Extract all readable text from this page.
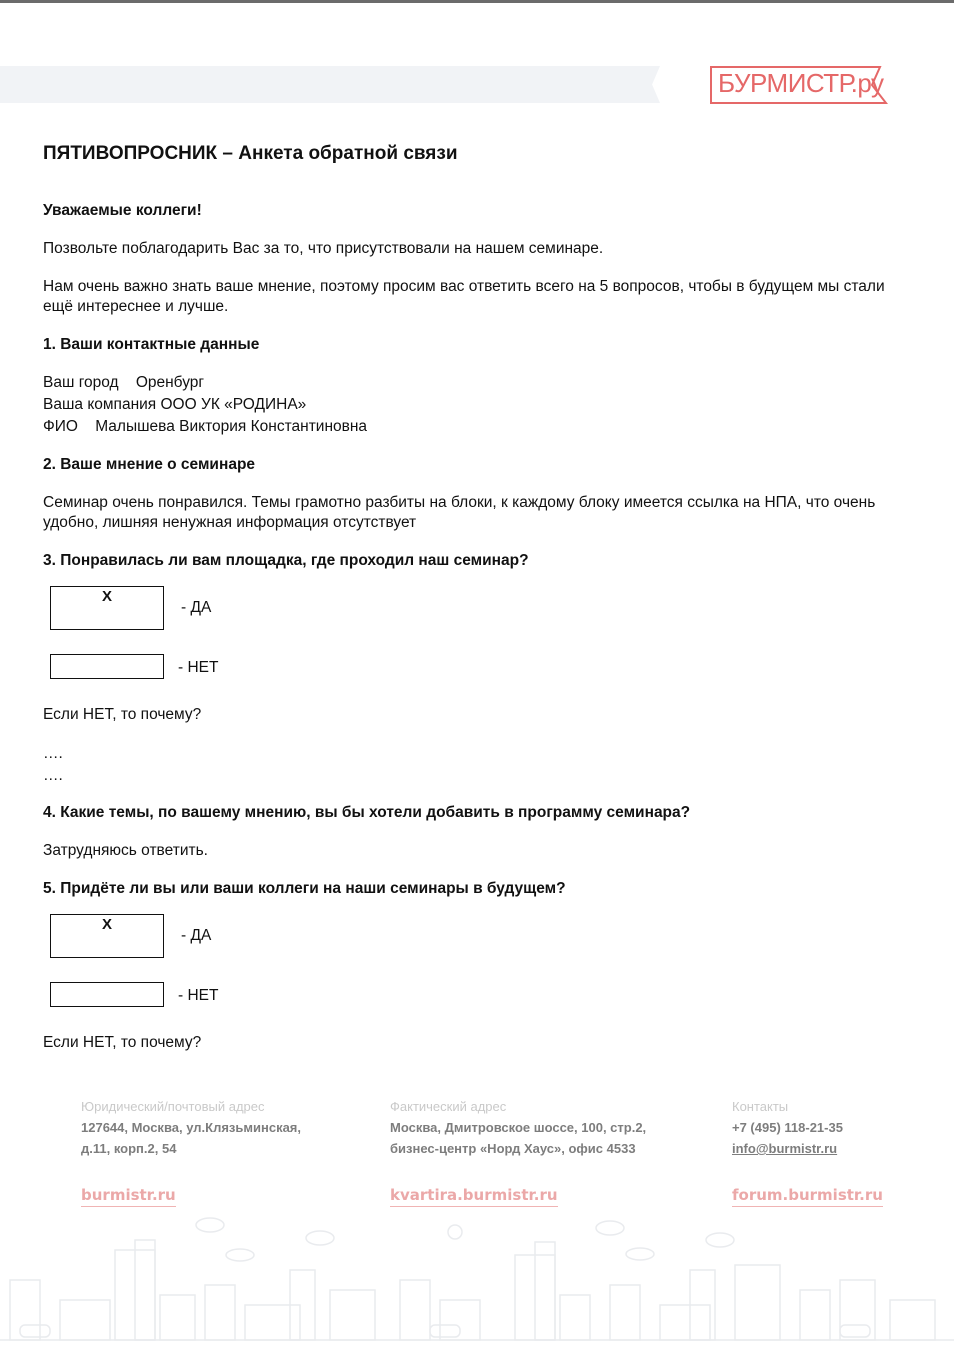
БУРМИСТР.ру
ПЯТИВОПРОСНИК – Анкета обратной связи
Уважаемые коллеги!
Позвольте поблагодарить Вас за то, что присутствовали на нашем семинаре.
Нам очень важно знать ваше мнение, поэтому просим вас ответить всего на 5 вопросов, чтобы в будущем мы стали ещё интереснее и лучше.
1. Ваши контактные данные
Ваш город Оренбург
Ваша компания ООО УК «РОДИНА»
ФИО Малышева Виктория Константиновна
2. Ваше мнение о семинаре
Семинар очень понравился. Темы грамотно разбиты на блоки, к каждому блоку имеется ссылка на НПА, что очень удобно, лишняя ненужная информация отсутствует
3. Понравилась ли вам площадка, где проходил наш семинар?
X
- ДА
- НЕТ
Если НЕТ, то почему?
….
….
4. Какие темы, по вашему мнению, вы бы хотели добавить в программу семинара?
Затрудняюсь ответить.
5. Придёте ли вы или ваши коллеги на наши семинары в будущем?
X
- ДА
- НЕТ
Если НЕТ, то почему?
Юридический/почтовый адрес
127644, Москва, ул.Клязьминская,
д.11, корп.2, 54
Фактический адрес
Москва, Дмитровское шоссе, 100, стр.2,
бизнес-центр «Норд Хаус», офис 4533
Контакты
+7 (495) 118-21-35
info@burmistr.ru
burmistr.ru	kvartira.burmistr.ru	forum.burmistr.ru
